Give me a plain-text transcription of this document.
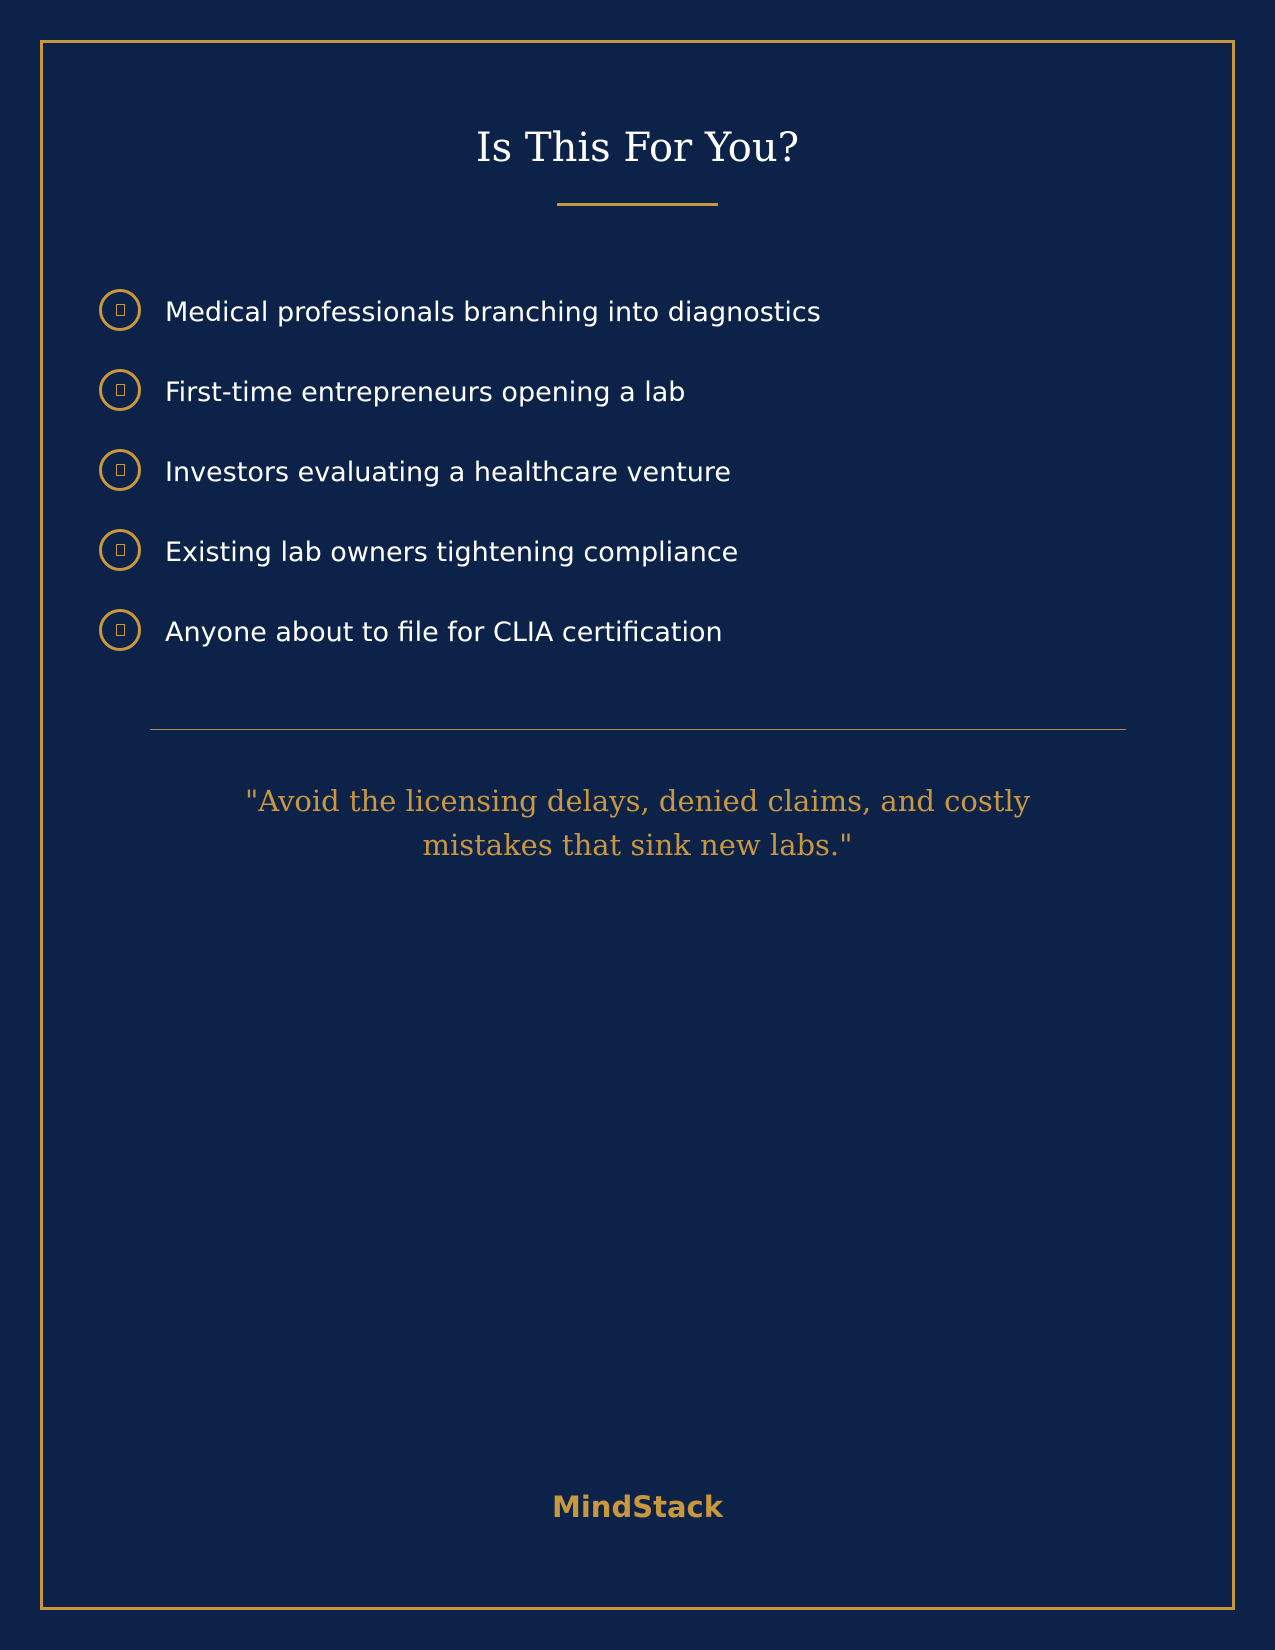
Is This For You?
Medical professionals branching into diagnostics
First-time entrepreneurs opening a lab
Investors evaluating a healthcare venture
Existing lab owners tightening compliance
Anyone about to file for CLIA certification

"Avoid the licensing delays, denied claims, and costly
mistakes that sink new labs."

MindStack
